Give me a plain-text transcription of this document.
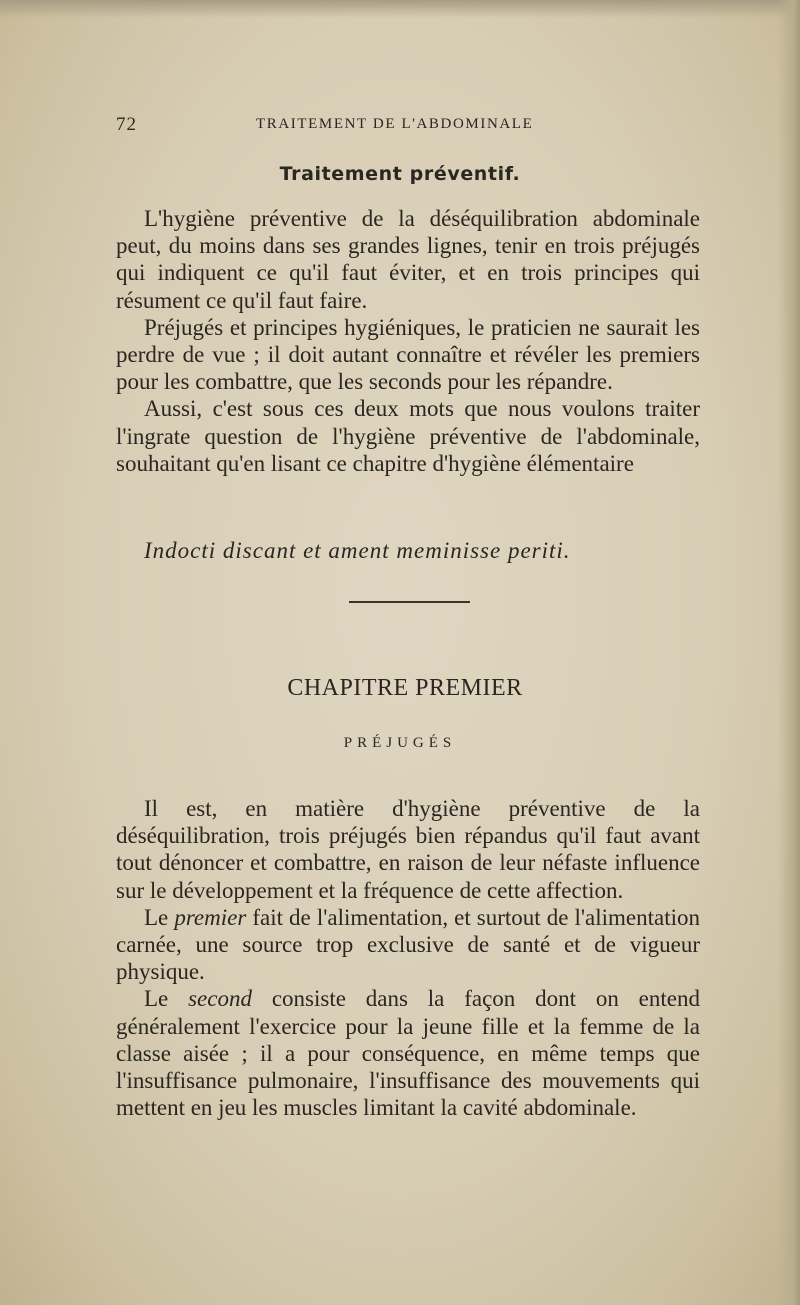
72	TRAITEMENT DE L'ABDOMINALE
Traitement préventif.

L'hygiène préventive de la déséquilibration abdominale peut, du moins dans ses grandes lignes, tenir en trois préjugés qui indiquent ce qu'il faut éviter, et en trois principes qui résument ce qu'il faut faire.

Préjugés et principes hygiéniques, le praticien ne saurait les perdre de vue ; il doit autant connaître et révéler les premiers pour les combattre, que les seconds pour les répandre.

Aussi, c'est sous ces deux mots que nous voulons traiter l'ingrate question de l'hygiène préventive de l'abdominale, souhaitant qu'en lisant ce chapitre d'hygiène élémentaire

Indocti discant et ament meminisse periti.
CHAPITRE PREMIER
PRÉJUGÉS

Il est, en matière d'hygiène préventive de la déséquilibration, trois préjugés bien répandus qu'il faut avant tout dénoncer et combattre, en raison de leur néfaste influence sur le développement et la fréquence de cette affection.

Le premier fait de l'alimentation, et surtout de l'alimentation carnée, une source trop exclusive de santé et de vigueur physique.

Le second consiste dans la façon dont on entend généralement l'exercice pour la jeune fille et la femme de la classe aisée ; il a pour conséquence, en même temps que l'insuffisance pulmonaire, l'insuffisance des mouvements qui mettent en jeu les muscles limitant la cavité abdominale.
